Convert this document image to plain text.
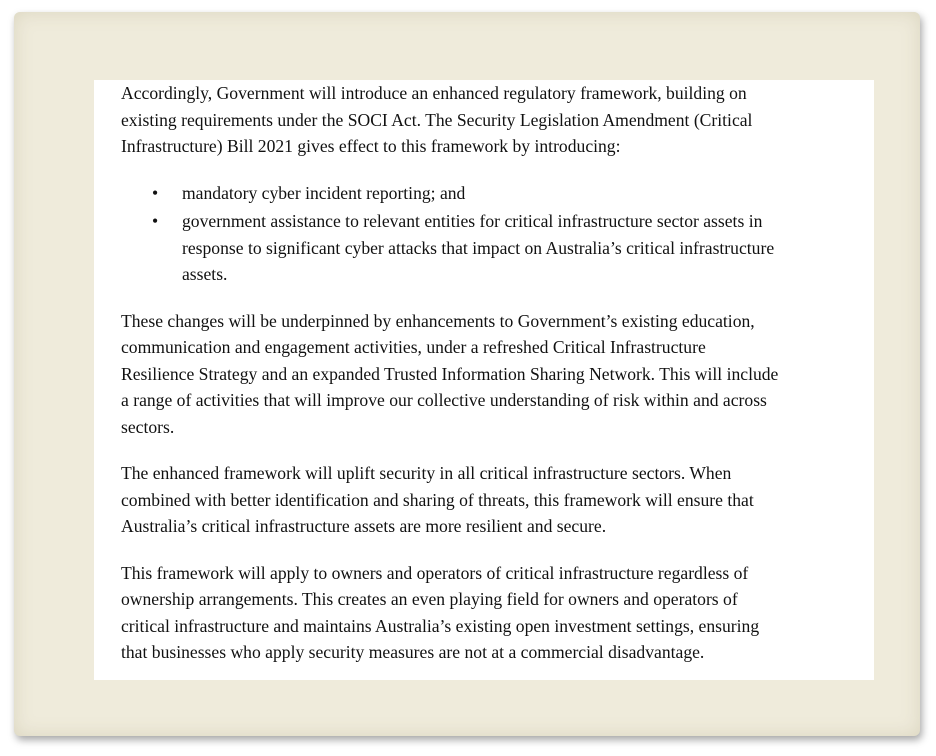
Accordingly, Government will introduce an enhanced regulatory framework, building on
existing requirements under the SOCI Act. The Security Legislation Amendment (Critical
Infrastructure) Bill 2021 gives effect to this framework by introducing:

• mandatory cyber incident reporting; and
• government assistance to relevant entities for critical infrastructure sector assets in
response to significant cyber attacks that impact on Australia’s critical infrastructure
assets.

These changes will be underpinned by enhancements to Government’s existing education,
communication and engagement activities, under a refreshed Critical Infrastructure
Resilience Strategy and an expanded Trusted Information Sharing Network. This will include
a range of activities that will improve our collective understanding of risk within and across
sectors.

The enhanced framework will uplift security in all critical infrastructure sectors. When
combined with better identification and sharing of threats, this framework will ensure that
Australia’s critical infrastructure assets are more resilient and secure.

This framework will apply to owners and operators of critical infrastructure regardless of
ownership arrangements. This creates an even playing field for owners and operators of
critical infrastructure and maintains Australia’s existing open investment settings, ensuring
that businesses who apply security measures are not at a commercial disadvantage.
